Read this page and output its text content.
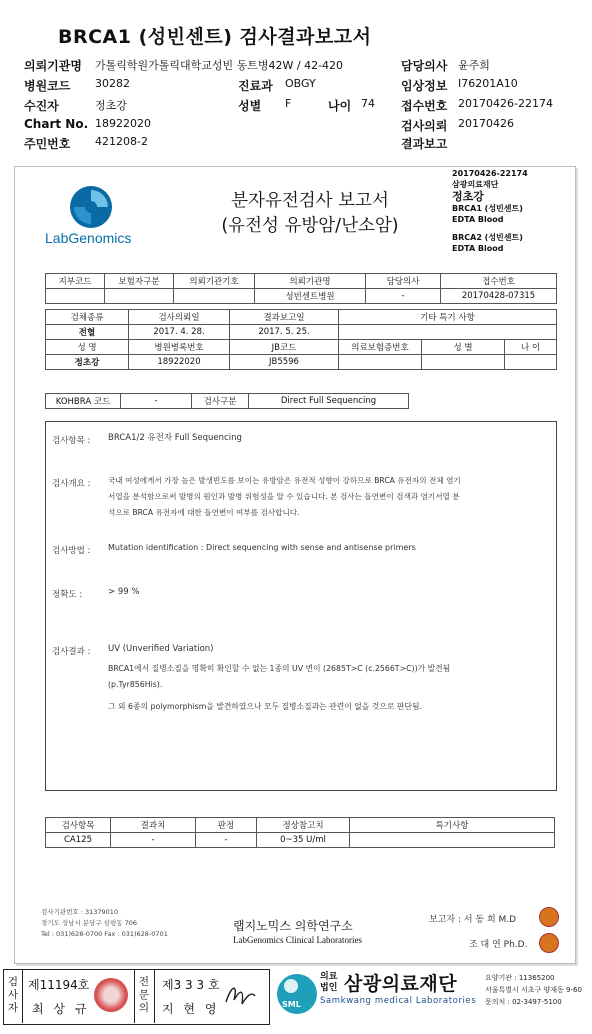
BRCA1 (성빈센트) 검사결과보고서
의뢰기관명 가톨릭학원가톨릭대학교성빈 동트병42W / 42-420	담당의사 윤주희
병원코드 30282	진료과 OBGY	임상정보 I76201A10
수진자	정초강	성별 F	나이 74 접수번호 20170426-22174
Chart No. 18922020	검사의뢰 20170426
주민번호 421208-2	결과보고
LabGenomics
분자유전검사 보고서
(유전성 유방암/난소암)
20170426-22174
삼광의료재단
정초강
BRCA1 (성빈센트)
EDTA Blood
BRCA2 (성빈센트)
EDTA Blood
지부코드	보험자구분	의뢰기관기호	의뢰기관명	담당의사	접수번호
			성빈센트병원	-	20170428-07315
검체종류	검사의뢰일	결과보고일	기타 특기 사항
전혈	2017. 4. 28.	2017. 5. 25.	
성 명	병원병록번호	JB코드		의료보험증번호	성 별	나 이

정초강	18922020	JB5596	

KOHBRA 코드	-	검사구분	Direct Full Sequencing
검사항목 : BRCA1/2 유전자 Full Sequencing
검사개요 : 국내 여성에게서 가장 높은 발생빈도를 보이는 유방암은 유전적 성향이 강하므로 BRCA 유전자의 전체 염기
서열을 분석함으로써 발병의 원인과 발병 위험성을 알 수 있습니다. 본 검사는 돌연변이 검색과 염기서열 분
석으로 BRCA 유전자에 대한 돌연변이 여부를 검사합니다.
검사방법 : Mutation identification : Direct sequencing with sense and antisense primers
정확도 :	> 99 %
검사결과 : UV (Unverified Variation)
BRCA1에서 질병소질을 명확히 확인할 수 없는 1종의 UV 변이 (2685T>C (c.2566T>C))가 발견됨
(p.Tyr856His).
그 외 6종의 polymorphism을 발견하였으나 모두 질병소질과는 관련이 없을 것으로 판단됨.
검사항목	결과치	판정	정상참고치	특기사항
CA125	-	-	0~35 U/ml	
검사기관번호 : 31379010
경기도 성남시 분당구 삼평동 706
Tel : 031)628-0700 Fax : 031)628-0701
랩지노믹스 의학연구소
LabGenomics Clinical Laboratories
보고자 : 서 동 희 M.D
조 대 연 Ph.D.
검
사
자
제11194호
최 상 규
전
문
의
제3 3 3 호
지 현 영	SML
의료
법인 삼광의료재단
Samkwang medical Laboratories
요양기관 : 11365200
서울특별시 서초구 양재동 9-60
문의처 : 02-3497-5100
